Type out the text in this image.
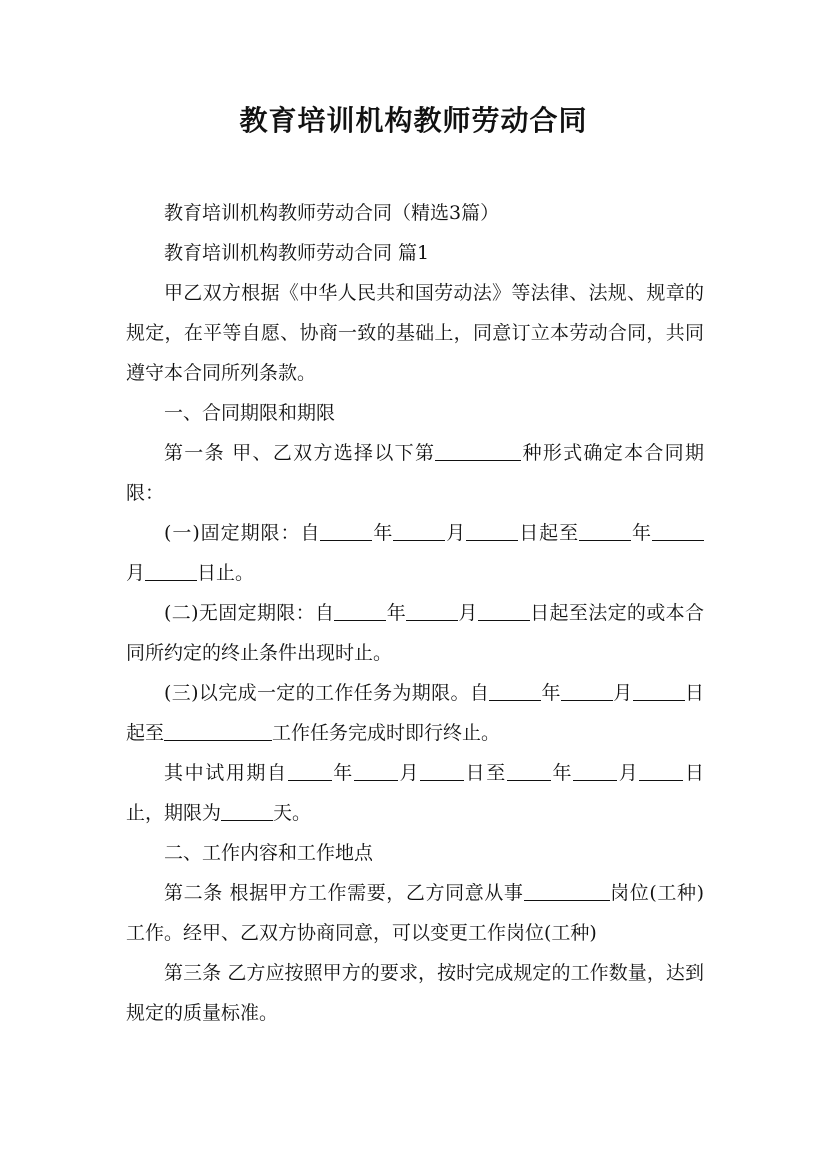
教育培训机构教师劳动合同

教育培训机构教师劳动合同（精选3篇）

教育培训机构教师劳动合同 篇1

甲乙双方根据《中华人民共和国劳动法》等法律、法规、规章的规定，在平等自愿、协商一致的基础上，同意订立本劳动合同，共同遵守本合同所列条款。

一、合同期限和期限

第一条 甲、乙双方选择以下第	种形式确定本合同期限：

(一)固定期限：自	年	月	日起至	年月	日止。

(二)无固定期限：自	年	月	日起至法定的或本合同所约定的终止条件出现时止。

(三)以完成一定的工作任务为期限。自	年	月	日起至	工作任务完成时即行终止。

其中试用期自 年 月 日至 年 月 日止，期限为	天。

二、工作内容和工作地点

第二条 根据甲方工作需要，乙方同意从事	岗位(工种)工作。经甲、乙双方协商同意，可以变更工作岗位(工种)

第三条 乙方应按照甲方的要求，按时完成规定的工作数量，达到规定的质量标准。
